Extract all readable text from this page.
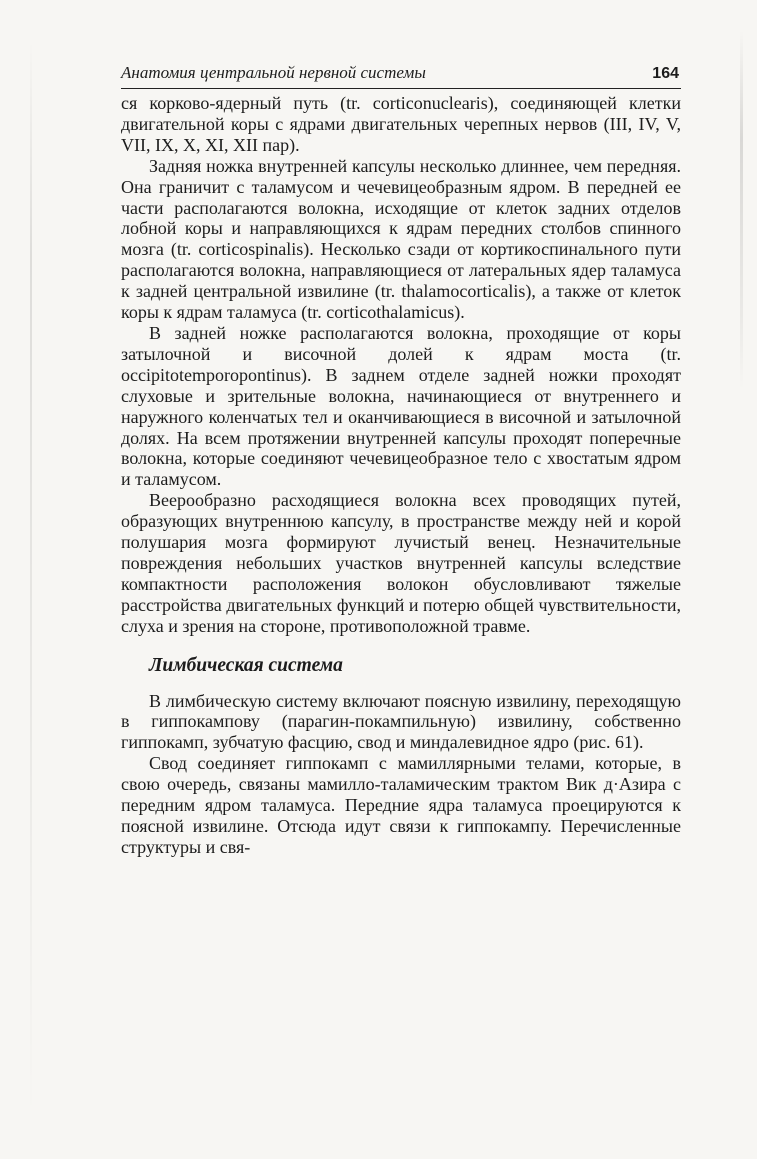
Анатомия центральной нервной системы	164

ся корково-ядерный путь (tr. corticonuclearis), соединяющей клетки двигательной коры с ядрами двигательных черепных нервов (III, IV, V, VII, IX, X, XI, XII пар).

Задняя ножка внутренней капсулы несколько длиннее, чем передняя. Она граничит с таламусом и чечевицеобразным ядром. В передней ее части располагаются волокна, исходящие от клеток задних отделов лобной коры и направляющихся к ядрам передних столбов спинного мозга (tr. corticospinalis). Несколько сзади от кортикоспинального пути располагаются волокна, направляющиеся от латеральных ядер таламуса к задней центральной извилине (tr. thalamocorticalis), а также от клеток коры к ядрам таламуса (tr. corticothalamicus).

В задней ножке располагаются волокна, проходящие от коры затылочной и височной долей к ядрам моста (tr. occipitotemporopontinus). В заднем отделе задней ножки проходят слуховые и зрительные волокна, начинающиеся от внутреннего и наружного коленчатых тел и оканчивающиеся в височной и затылочной долях. На всем протяжении внутренней капсулы проходят поперечные волокна, которые соединяют чечевицеобразное тело с хвостатым ядром и таламусом.

Веерообразно расходящиеся волокна всех проводящих путей, образующих внутреннюю капсулу, в пространстве между ней и корой полушария мозга формируют лучистый венец. Незначительные повреждения небольших участков внутренней капсулы вследствие компактности расположения волокон обусловливают тяжелые расстройства двигательных функций и потерю общей чувствительности, слуха и зрения на стороне, противоположной травме.

Лимбическая система

В лимбическую систему включают поясную извилину, переходящую в гиппокампову (парагин-покампильную) извилину, собственно гиппокамп, зубчатую фасцию, свод и миндалевидное ядро (рис. 61).

Свод соединяет гиппокамп с мамиллярными телами, которые, в свою очередь, связаны мамилло-таламическим трактом Вик д·Азира с передним ядром таламуса. Передние ядра таламуса проецируются к поясной извилине. Отсюда идут связи к гиппокампу. Перечисленные структуры и свя-
